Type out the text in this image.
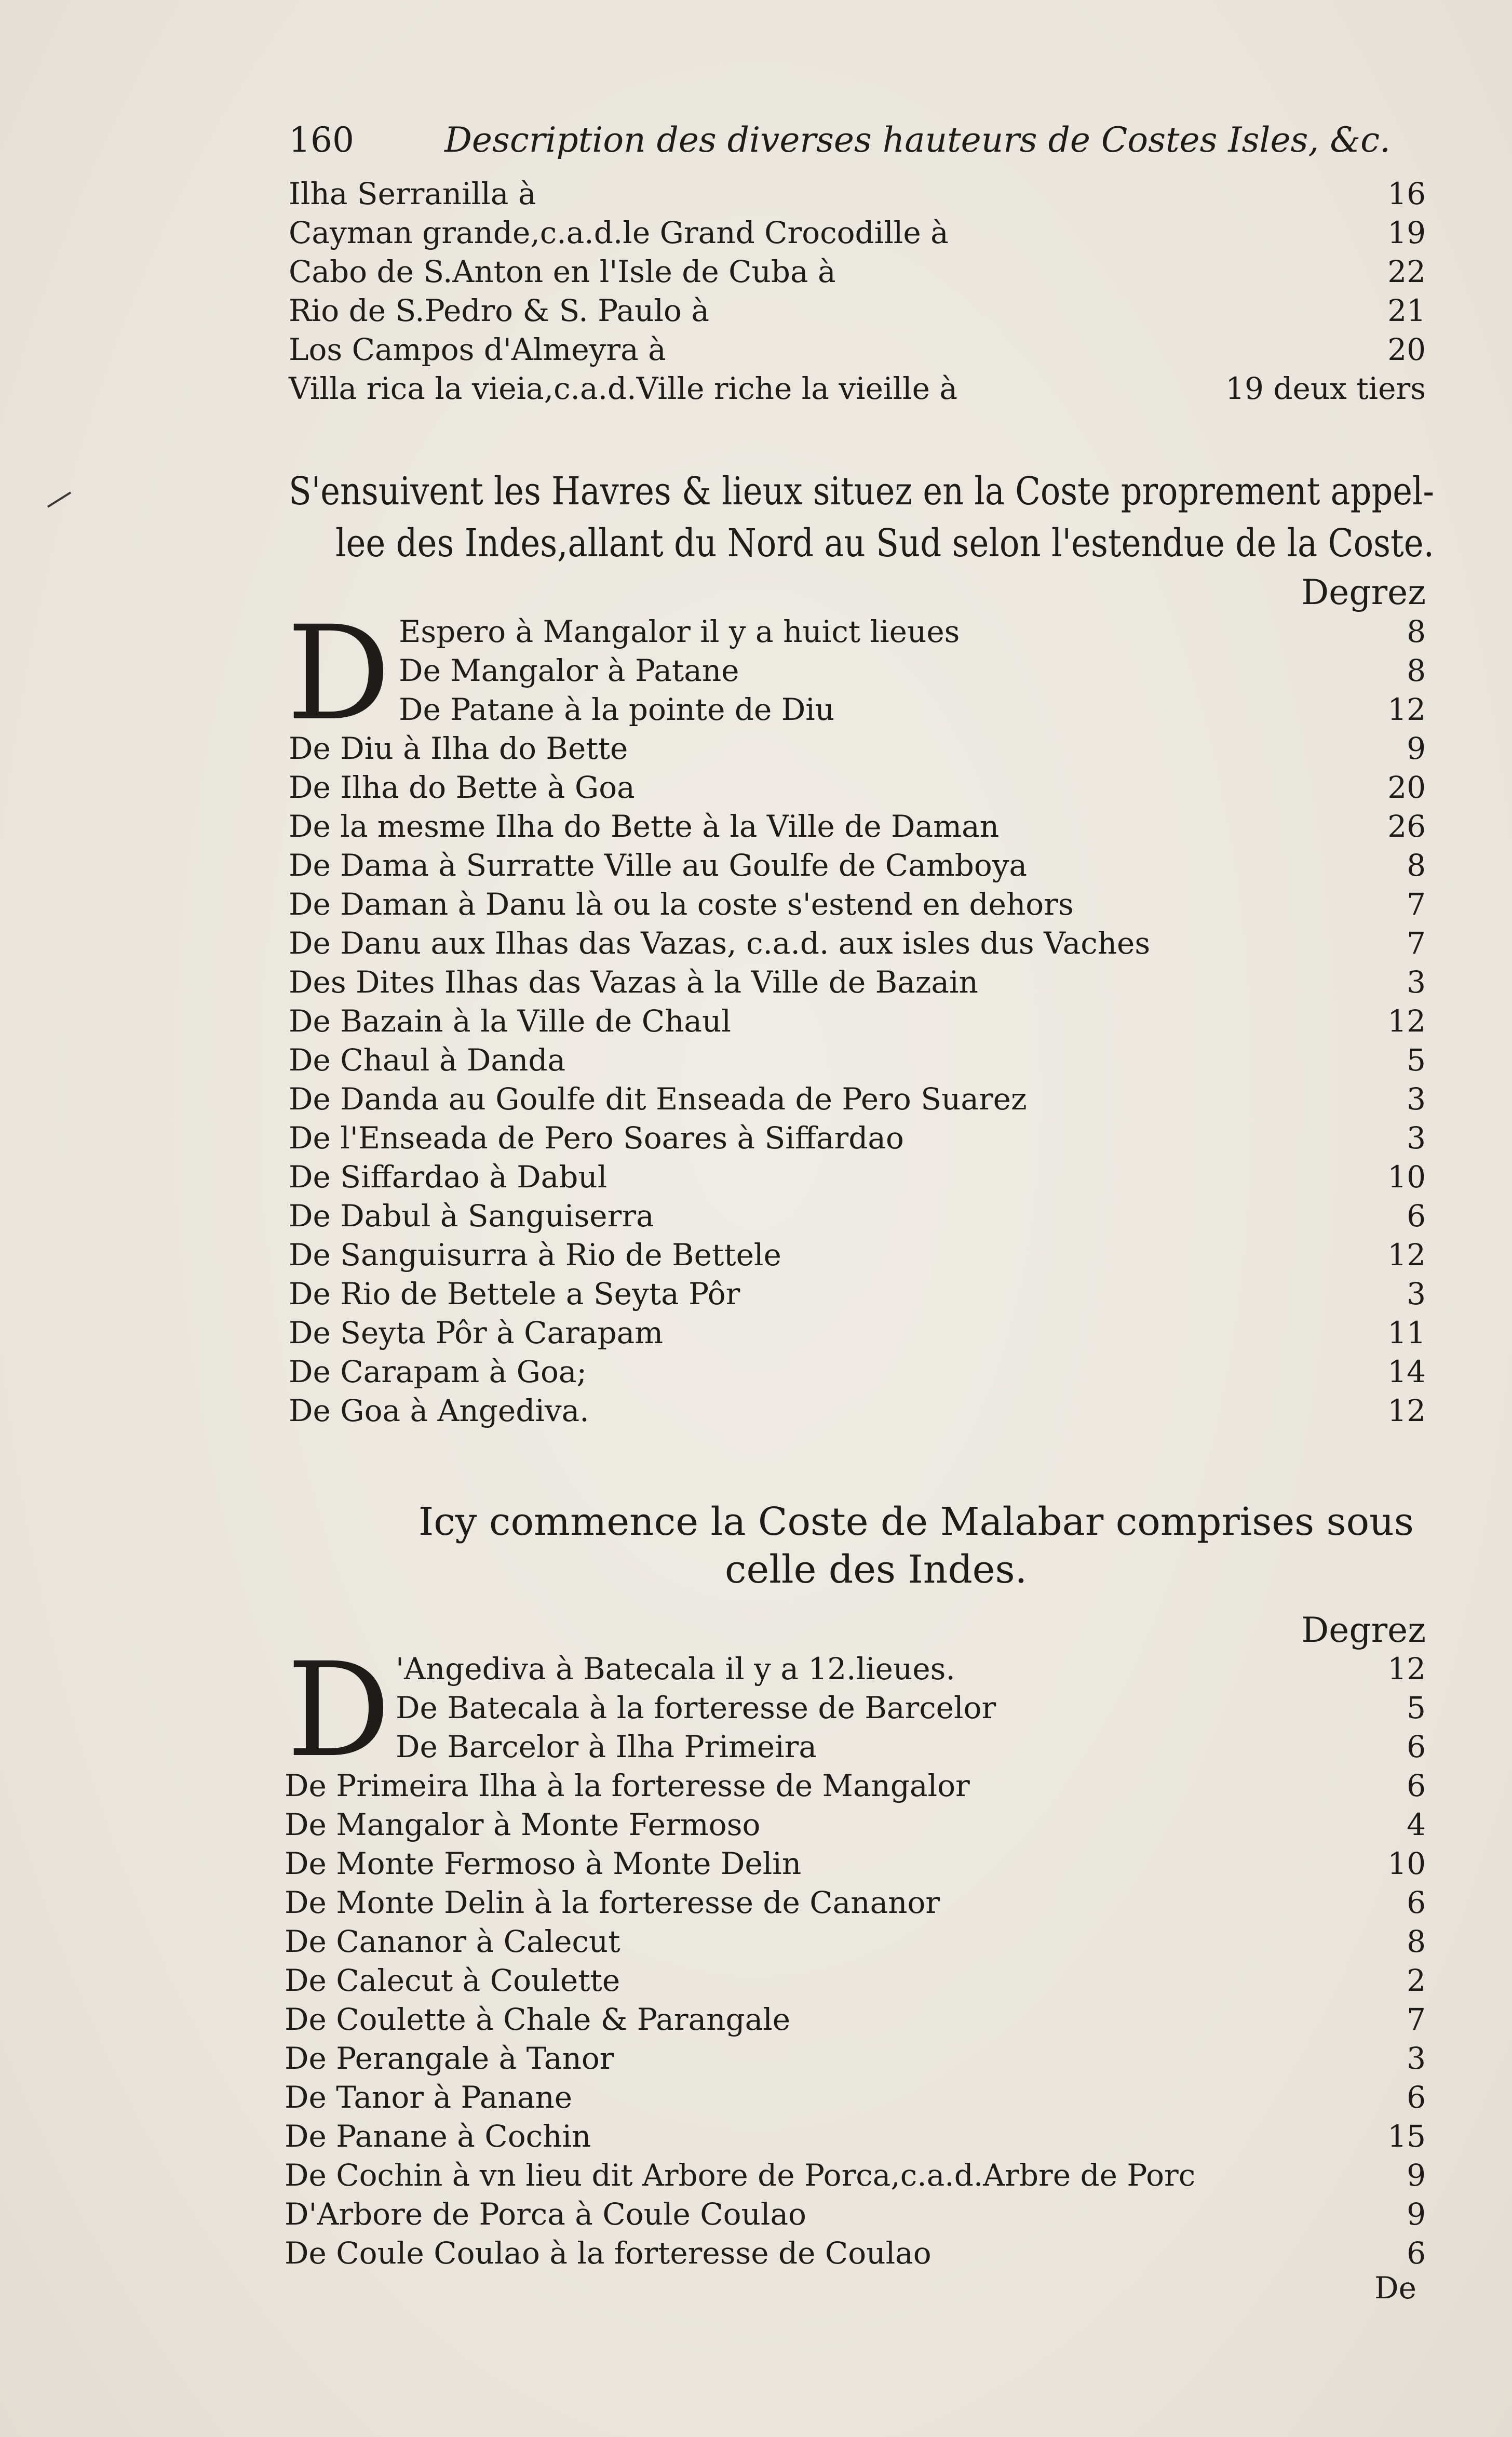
160	Description des diverses hauteurs de Costes Isles, &c.
Ilha Serranilla à	16
Cayman grande,c.a.d.le Grand Crocodille à	19
Cabo de S.Anton en l'Isle de Cuba à	22
Rio de S.Pedro & S. Paulo à	21
Los Campos d'Almeyra à	20
Villa rica la vieia,c.a.d.Ville riche la vieille à	19 deux tiers
S'ensuivent les Havres & lieux situez en la Coste proprement appel-
lee des Indes,allant du Nord au Sud selon l'estendue de la Coste.
Degrez
D Espero à Mangalor il y a huict lieues	8
De Mangalor à Patane	8
De Patane à la pointe de Diu	12
De Diu à Ilha do Bette	9
De Ilha do Bette à Goa	20
De la mesme Ilha do Bette à la Ville de Daman	26
De Dama à Surratte Ville au Goulfe de Camboya	8
De Daman à Danu là ou la coste s'estend en dehors	7
De Danu aux Ilhas das Vazas, c.a.d. aux isles dus Vaches	7
Des Dites Ilhas das Vazas à la Ville de Bazain	3
De Bazain à la Ville de Chaul	12
De Chaul à Danda	5
De Danda au Goulfe dit Enseada de Pero Suarez	3
De l'Enseada de Pero Soares à Siffardao	3
De Siffardao à Dabul	10
De Dabul à Sanguiserra	6
De Sanguisurra à Rio de Bettele	12
De Rio de Bettele a Seyta Pôr	3
De Seyta Pôr à Carapam	11
De Carapam à Goa;	14
De Goa à Angediva.	12
Icy commence la Coste de Malabar comprises sous
celle des Indes.
Degrez
D 'Angediva à Batecala il y a 12.lieues.	12
De Batecala à la forteresse de Barcelor	5
De Barcelor à Ilha Primeira	6
De Primeira Ilha à la forteresse de Mangalor	6
De Mangalor à Monte Fermoso	4
De Monte Fermoso à Monte Delin	10
De Monte Delin à la forteresse de Cananor	6
De Cananor à Calecut	8
De Calecut à Coulette	2
De Coulette à Chale & Parangale	7
De Perangale à Tanor	3
De Tanor à Panane	6
De Panane à Cochin	15
De Cochin à vn lieu dit Arbore de Porca,c.a.d.Arbre de Porc	9
D'Arbore de Porca à Coule Coulao	9
De Coule Coulao à la forteresse de Coulao	6
De
